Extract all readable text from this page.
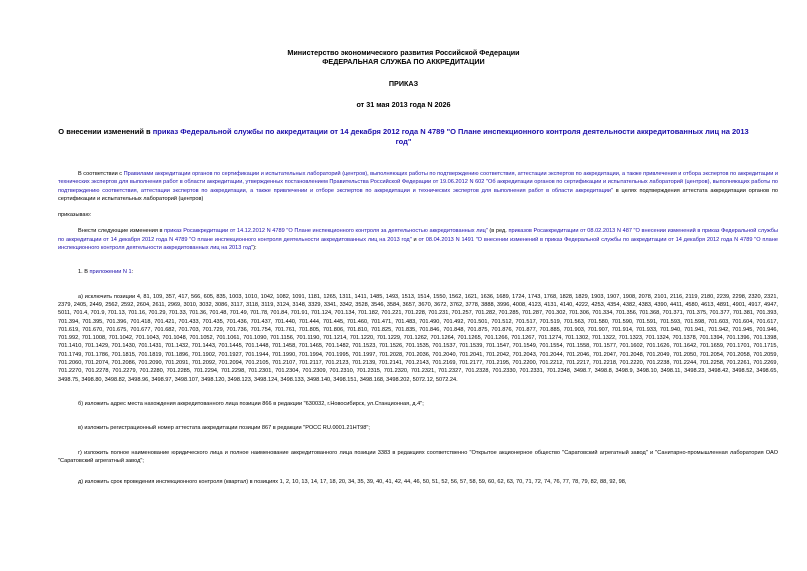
Министерство экономического развития Российской Федерации
ФЕДЕРАЛЬНАЯ СЛУЖБА ПО АККРЕДИТАЦИИ
ПРИКАЗ
от 31 мая 2013 года N 2026
О внесении изменений в приказ Федеральной службы по аккредитации от 14 декабря 2012 года N 4789 "О Плане инспекционного контроля деятельности аккредитованных лиц на 2013 год"

В соответствии с Правилами аккредитации органов по сертификации и испытательных лабораторий (центров), выполняющих работы по подтверждению соответствия, аттестации экспертов по аккредитации, а также привлечения и отбора экспертов по аккредитации и технических экспертов для выполнения работ в области аккредитации, утвержденных постановлением Правительства Российской Федерации от 19.06.2012 N 602 "Об аккредитации органов по сертификации и испытательных лабораторий (центров), выполняющих работы по подтверждению соответствия, аттестации экспертов по аккредитации, а также привлечении и отборе экспертов по аккредитации и технических экспертов для выполнения работ в области аккредитации" в целях подтверждения аттестата аккредитации органов по сертификации и испытательных лабораторий (центров)

приказываю:

Внести следующие изменения в приказ Росаккредитации от 14.12.2012 N 4789 "О Плане инспекционного контроля за деятельностью аккредитованных лиц" (в ред. приказов Росаккредитации от 08.02.2013 N 487 "О внесении изменений в приказ Федеральной службы по аккредитации от 14 декабря 2012 года N 4789 "О плане инспекционного контроля деятельности аккредитованных лиц на 2013 год" и от 08.04.2013 N 1491 "О внесении изменений в приказ Федеральной службы по аккредитации от 14 декабря 2012 года N 4789 "О плане инспекционного контроля деятельности аккредитованных лиц на 2013 год"):

1. В приложении N 1:

а) исключить позиции 4, 81, 109, 357, 417, 566, 605, 835, 1003, 1010, 1042, 1082, 1091, 1181, 1265, 1311, 1411, 1485, 1493, 1513, 1514, 1550, 1562, 1621, 1636, 1689, 1724, 1743, 1768, 1828, 1829, 1903, 1907, 1908, 2078, 2101, 2116, 2119, 2180, 2239, 2298, 2320, 2321, 2379, 2405, 2449, 2562, 2592, 2604, 2611, 2969, 3010, 3032, 3086, 3117, 3118, 3119, 3124, 3148, 3329, 3341, 3342, 3528, 3546, 3584, 3657, 3670, 3672, 3762, 3778, 3888, 3996, 4008, 4123, 4131, 4140, 4222, 4253, 4354, 4382, 4383, 4390, 4411, 4580, 4613, 4891, 4901, 4917, 4947, 5011, 701.4, 701.9, 701.13, 701.16, 701.29, 701.33, 701.36, 701.48, 701.49, 701.78, 701.84, 701.91, 701.124, 701.134, 701.182, 701.221, 701.228, 701.231, 701.257, 701.282, 701.285, 701.287, 701.302, 701.306, 701.334, 701.356, 701.368, 701.371, 701.375, 701.377, 701.381, 701.393, 701.394, 701.395, 701.396, 701.418, 701.421, 701.433, 701.435, 701.436, 701.437, 701.440, 701.444, 701.445, 701.460, 701.471, 701.483, 701.490, 701.492, 701.501, 701.512, 701.517, 701.519, 701.563, 701.580, 701.590, 701.591, 701.593, 701.598, 701.603, 701.604, 701.617, 701.619, 701.670, 701.675, 701.677, 701.682, 701.703, 701.729, 701.736, 701.754, 701.761, 701.805, 701.806, 701.810, 701.825, 701.835, 701.846, 701.848, 701.875, 701.876, 701.877, 701.885, 701.903, 701.907, 701.914, 701.933, 701.940, 701.941, 701.942, 701.945, 701.946, 701.992, 701.1008, 701.1042, 701.1043, 701.1048, 701.1052, 701.1061, 701.1090, 701.1156, 701.1190, 701.1214, 701.1220, 701.1229, 701.1262, 701.1264, 701.1265, 701.1266, 701.1267, 701.1274, 701.1302, 701.1322, 701.1323, 701.1324, 701.1378, 701.1394, 701.1396, 701.1398, 701.1410, 701.1429, 701.1430, 701.1431, 701.1432, 701.1443, 701.1445, 701.1448, 701.1458, 701.1465, 701.1482, 701.1523, 701.1526, 701.1535, 701.1537, 701.1539, 701.1547, 701.1549, 701.1554, 701.1558, 701.1577, 701.1602, 701.1626, 701.1642, 701.1659, 701.1701, 701.1715, 701.1749, 701.1786, 701.1815, 701.1819, 701.1896, 701.1902, 701.1927, 701.1944, 701.1990, 701.1994, 701.1995, 701.1997, 701.2028, 701.2036, 701.2040, 701.2041, 701.2042, 701.2043, 701.2044, 701.2046, 701.2047, 701.2048, 701.2049, 701.2050, 701.2054, 701.2058, 701.2059, 701.2060, 701.2074, 701.2086, 701.2090, 701.2091, 701.2092, 701.2094, 701.2105, 701.2107, 701.2117, 701.2123, 701.2139, 701.2141, 701.2143, 701.2169, 701.2177, 701.2195, 701.2200, 701.2212, 701.2217, 701.2218, 701.2220, 701.2238, 701.2244, 701.2258, 701.2261, 701.2269, 701.2270, 701.2278, 701.2279, 701.2280, 701.2285, 701.2294, 701.2298, 701.2301, 701.2304, 701.2309, 701.2310, 701.2315, 701.2320, 701.2321, 701.2327, 701.2328, 701.2330, 701.2331, 701.2348, 3498.7, 3498.8, 3498.9, 3498.10, 3498.11, 3498.23, 3498.42, 3498.52, 3498.65, 3498.75, 3498.80, 3498.82, 3498.96, 3498.97, 3498.107, 3498.120, 3498.123, 3498.124, 3498.133, 3498.140, 3498.151, 3498.168, 3498.202, 5072.12, 5072.24.

б) изложить адрес места нахождения аккредитованного лица позиции 866 в редакции "630032, г.Новосибирск, ул.Станционная, д.4";

в) изложить регистрационный номер аттестата аккредитации позиции 867 в редакции "РОСС RU.0001.21НТ98";

г) изложить полное наименование юридического лица и полное наименование аккредитованного лица позиции 3383 в редакциях соответственно "Открытое акционерное общество "Саратовский агрегатный завод" и "Санитарно-промышленная лаборатория ОАО "Саратовский агрегатный завод";

д) изложить срок проведения инспекционного контроля (квартал) в позициях 1, 2, 10, 13, 14, 17, 18, 20, 34, 35, 39, 40, 41, 42, 44, 46, 50, 51, 52, 56, 57, 58, 59, 60, 62, 63, 70, 71, 72, 74, 76, 77, 78, 79, 82, 88, 92, 98,
